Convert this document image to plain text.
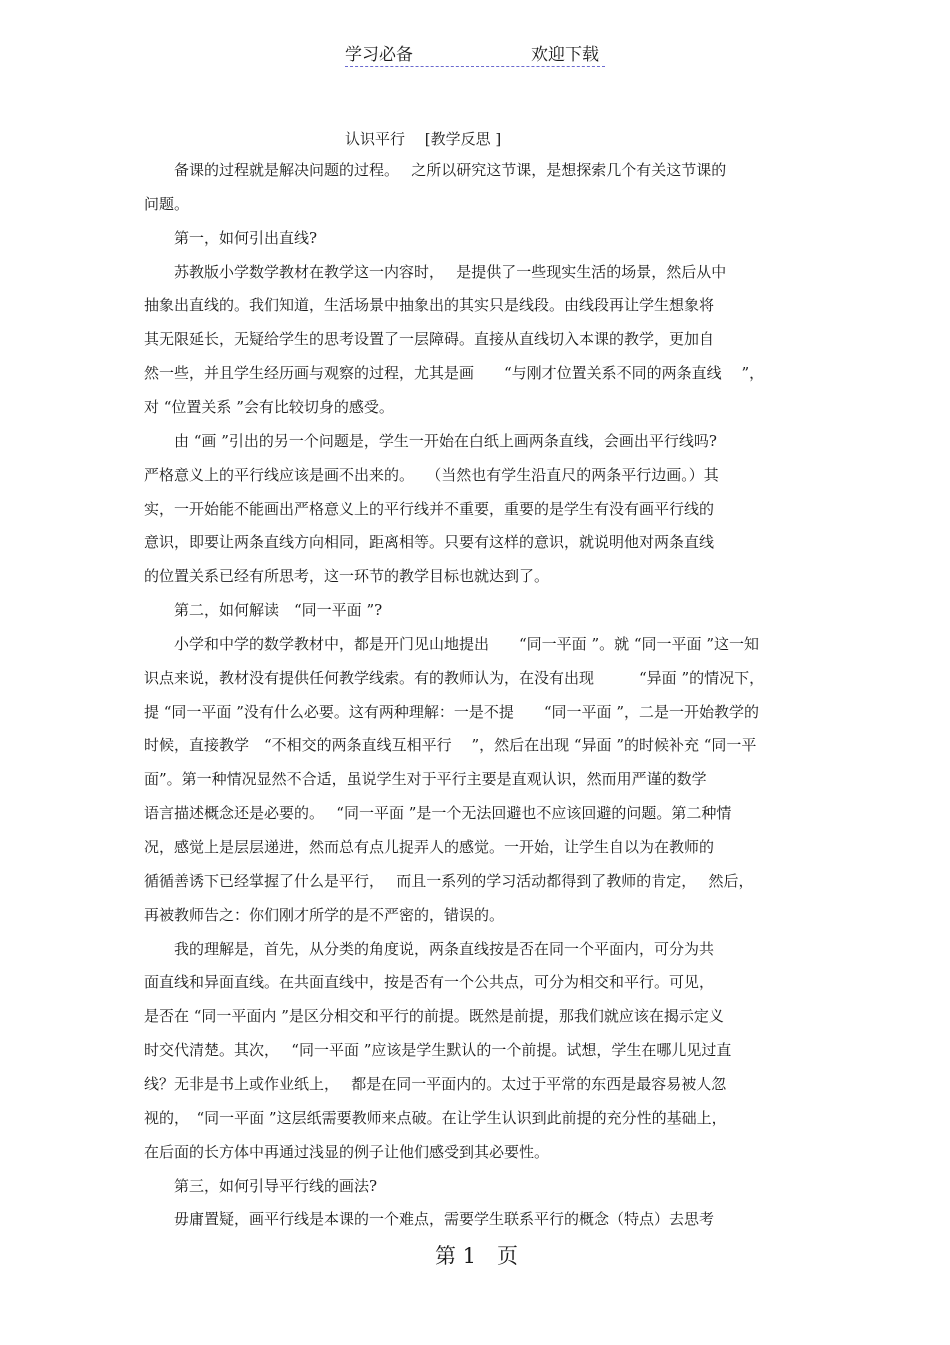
学习必备	欢迎下载
认识平行　 [教学反思 ]
　　备课的过程就是解决问题的过程。　 之所以研究这节课，是想探索几个有关这节课的
问题。
　　第一，如何引出直线?
　　苏教版小学数学教材在教学这一内容时，　 是提供了一些现实生活的场景，然后从中
抽象出直线的。我们知道，生活场景中抽象出的其实只是线段。由线段再让学生想象将
其无限延长，无疑给学生的思考设置了一层障碍。直接从直线切入本课的教学，更加自
然一些，并且学生经历画与观察的过程，尤其是画　　“与刚才位置关系不同的两条直线　 ”，
对 “位置关系 ”会有比较切身的感受。
　　由 “画 ”引出的另一个问题是，学生一开始在白纸上画两条直线，会画出平行线吗?
严格意义上的平行线应该是画不出来的。　 （当然也有学生沿直尺的两条平行边画。）其
实，一开始能不能画出严格意义上的平行线并不重要，重要的是学生有没有画平行线的
意识，即要让两条直线方向相同，距离相等。只要有这样的意识，就说明他对两条直线
的位置关系已经有所思考，这一环节的教学目标也就达到了。
　　第二，如何解读　“同一平面 ”?
　　小学和中学的数学教材中，都是开门见山地提出　　“同一平面 ”。就 “同一平面 ”这一知
识点来说，教材没有提供任何教学线索。有的教师认为，在没有出现　　　“异面 ”的情况下，
提 “同一平面 ”没有什么必要。这有两种理解：一是不提　　“同一平面 ”，二是一开始教学的
时候，直接教学　“不相交的两条直线互相平行　 ”，然后在出现 “异面 ”的时候补充 “同一平
面”。第一种情况显然不合适，虽说学生对于平行主要是直观认识，然而用严谨的数学
语言描述概念还是必要的。　 “同一平面 ”是一个无法回避也不应该回避的问题。第二种情
况，感觉上是层层递进，然而总有点儿捉弄人的感觉。一开始，让学生自以为在教师的
循循善诱下已经掌握了什么是平行，　 而且一系列的学习活动都得到了教师的肯定，　 然后，
再被教师告之：你们刚才所学的是不严密的，错误的。
　　我的理解是，首先，从分类的角度说，两条直线按是否在同一个平面内，可分为共
面直线和异面直线。在共面直线中，按是否有一个公共点，可分为相交和平行。可见，
是否在 “同一平面内 ”是区分相交和平行的前提。既然是前提，那我们就应该在揭示定义
时交代清楚。其次，　 “同一平面 ”应该是学生默认的一个前提。试想，学生在哪儿见过直
线？无非是书上或作业纸上，　 都是在同一平面内的。太过于平常的东西是最容易被人忽
视的，　“同一平面 ”这层纸需要教师来点破。在让学生认识到此前提的充分性的基础上，
在后面的长方体中再通过浅显的例子让他们感受到其必要性。
　　第三，如何引导平行线的画法?
　　毋庸置疑，画平行线是本课的一个难点，需要学生联系平行的概念（特点）去思考
第 1　页
